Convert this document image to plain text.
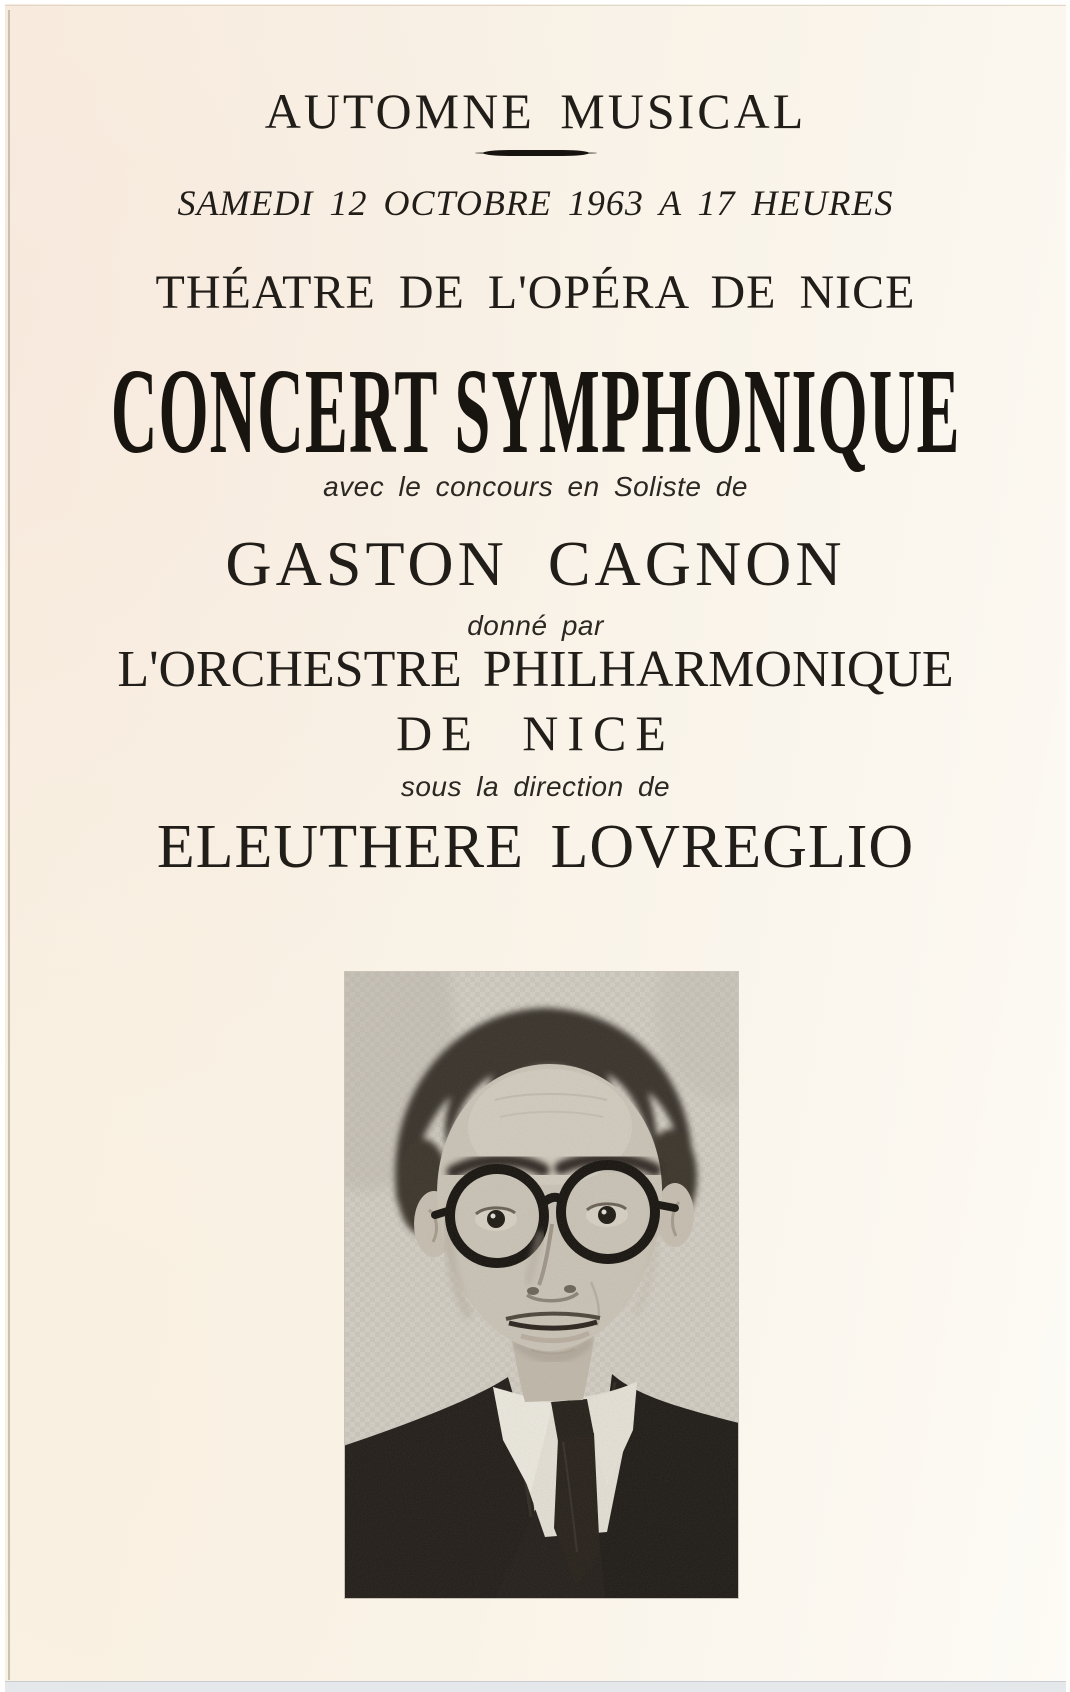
AUTOMNE MUSICAL
SAMEDI 12 OCTOBRE 1963 A 17 HEURES
THÉATRE DE L'OPÉRA DE NICE
CONCERT SYMPHONIQUE
avec le concours en Soliste de
GASTON CAGNON
donné par
L'ORCHESTRE PHILHARMONIQUE
DE NICE
sous la direction de
ELEUTHERE LOVREGLIO
